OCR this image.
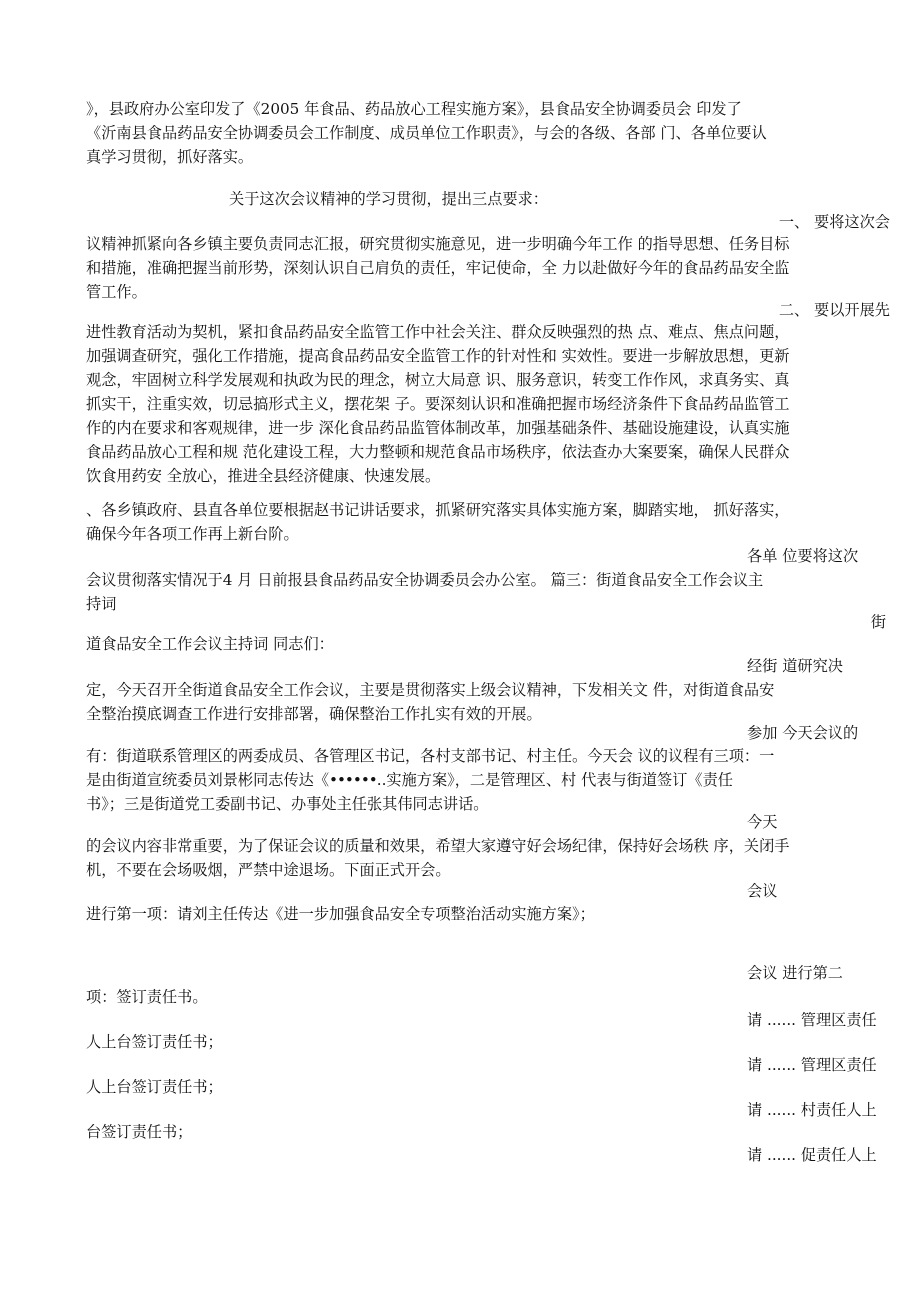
》，县政府办公室印发了《2005 年食品、药品放心工程实施方案》，县食品安全协调委员会 印发了

《沂南县食品药品安全协调委员会工作制度、成员单位工作职责》，与会的各级、各部 门、各单位要认

真学习贯彻，抓好落实。

关于这次会议精神的学习贯彻，提出三点要求：

一、 要将这次会

议精神抓紧向各乡镇主要负责同志汇报，研究贯彻实施意见，进一步明确今年工作 的指导思想、任务目标

和措施，准确把握当前形势，深刻认识自己肩负的责任，牢记使命，全 力以赴做好今年的食品药品安全监

管工作。

二、 要以开展先

进性教育活动为契机，紧扣食品药品安全监管工作中社会关注、群众反映强烈的热 点、难点、焦点问题，

加强调查研究，强化工作措施，提高食品药品安全监管工作的针对性和 实效性。要进一步解放思想，更新

观念，牢固树立科学发展观和执政为民的理念，树立大局意 识、服务意识，转变工作作风，求真务实、真

抓实干，注重实效，切忌搞形式主义，摆花架 子。要深刻认识和准确把握市场经济条件下食品药品监管工

作的内在要求和客观规律，进一步 深化食品药品监管体制改革，加强基础条件、基础设施建设，认真实施

食品药品放心工程和规 范化建设工程，大力整顿和规范食品市场秩序，依法查办大案要案，确保人民群众

饮食用药安 全放心，推进全县经济健康、快速发展。

、各乡镇政府、县直各单位要根据赵书记讲话要求，抓紧研究落实具体实施方案，脚踏实地， 抓好落实，

确保今年各项工作再上新台阶。

各单 位要将这次

会议贯彻落实情况于4 月 日前报县食品药品安全协调委员会办公室。 篇三：街道食品安全工作会议主

持词

街

道食品安全工作会议主持词 同志们：

经街 道研究决

定，今天召开全街道食品安全工作会议，主要是贯彻落实上级会议精神，下发相关文 件，对街道食品安

全整治摸底调查工作进行安排部署，确保整治工作扎实有效的开展。

参加 今天会议的

有：街道联系管理区的两委成员、各管理区书记，各村支部书记、村主任。今天会 议的议程有三项：一

是由街道宣统委员刘景彬同志传达《••••••..实施方案》，二是管理区、村 代表与街道签订《责任

书》；三是街道党工委副书记、办事处主任张其伟同志讲话。

今天

的会议内容非常重要，为了保证会议的质量和效果，希望大家遵守好会场纪律，保持好会场秩 序，关闭手

机，不要在会场吸烟，严禁中途退场。下面正式开会。

会议

进行第一项：请刘主任传达《进一步加强食品安全专项整治活动实施方案》；

会议 进行第二

项：签订责任书。

请 ...... 管理区责任

人上台签订责任书；

请 ...... 管理区责任

人上台签订责任书；

请 ...... 村责任人上

台签订责任书；

请 ...... 促责任人上
